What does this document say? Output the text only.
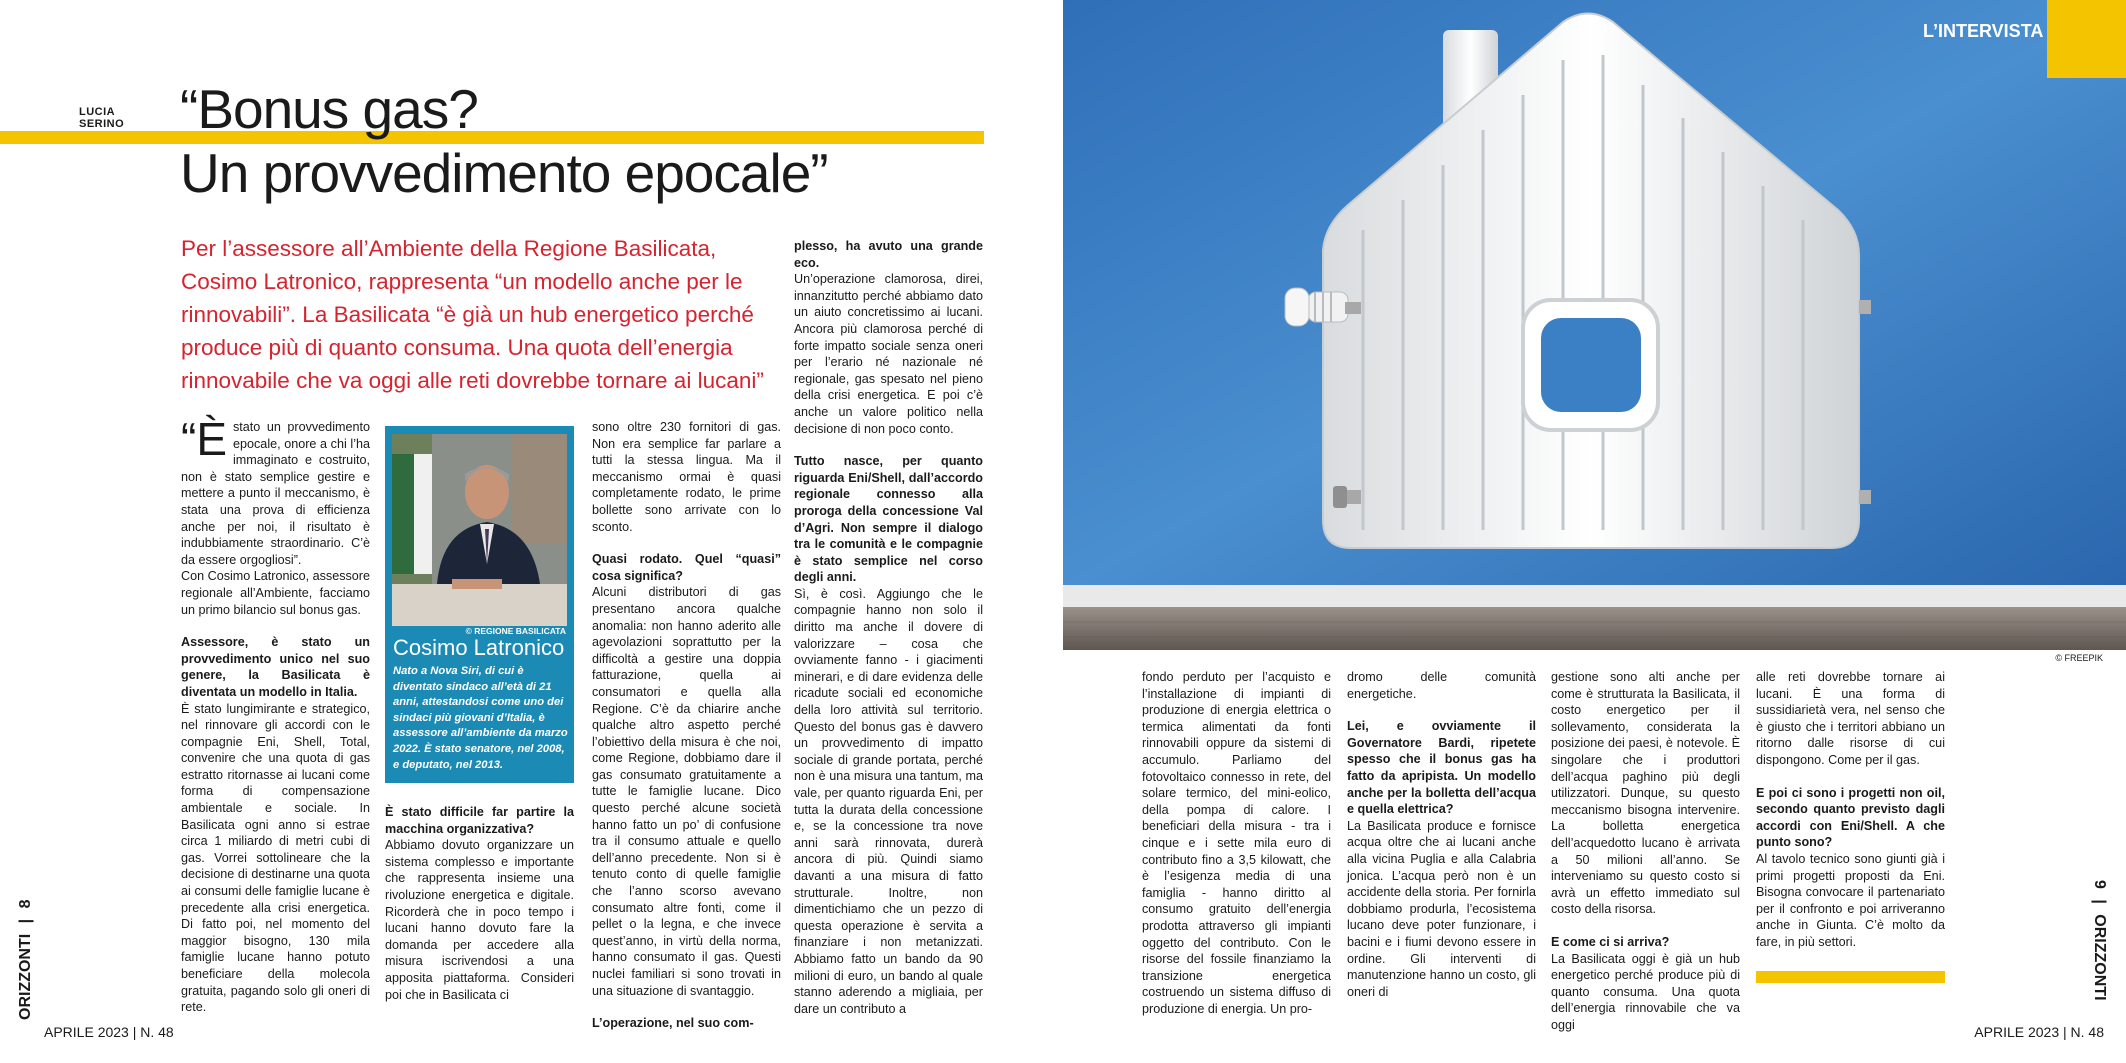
LUCIA
SERINO “Bonus gas?
Un provvedimento epocale”
Per l’assessore all’Ambiente della Regione Basilicata, Cosimo Latronico, rappresenta “un modello anche per le rinnovabili”. La Basilicata “è già un hub energetico perché produce più di quanto consuma. Una quota dell’energia rinnovabile che va oggi alle reti dovrebbe tornare ai lucani”
“È stato un provvedimento epocale, onore a chi l’ha immaginato e costruito, non è stato semplice gestire e mettere a punto il meccanismo, è stata una prova di efficienza anche per noi, il risultato è indubbiamente straordinario. C’è da essere orgogliosi”.

Con Cosimo Latronico, assessore regionale all’Ambiente, facciamo un primo bilancio sul bonus gas.

Assessore, è stato un provvedimento unico nel suo genere, la Basilicata è diventata un modello in Italia.

È stato lungimirante e strategico, nel rinnovare gli accordi con le compagnie Eni, Shell, Total, convenire che una quota di gas estratto ritornasse ai lucani come forma di compensazione ambientale e sociale. In Basilicata ogni anno si estrae circa 1 miliardo di metri cubi di gas. Vorrei sottolineare che la decisione di destinarne una quota ai consumi delle famiglie lucane è precedente alla crisi energetica. Di fatto poi, nel momento del maggior bisogno, 130 mila famiglie lucane hanno potuto beneficiare della molecola gratuita, pagando solo gli oneri di rete.

© REGIONE BASILICATA
Cosimo Latronico
Nato a Nova Siri, di cui è diventato sindaco all’età di 21 anni, attestandosi come uno dei sindaci più giovani d’Italia, è assessore all’ambiente da marzo 2022. È stato senatore, nel 2008, e deputato, nel 2013.

È stato difficile far partire la macchina organizzativa?

Abbiamo dovuto organizzare un sistema complesso e importante che rappresenta insieme una rivoluzione energetica e digitale. Ricorderà che in poco tempo i lucani hanno dovuto fare la domanda per accedere alla misura iscrivendosi a una apposita piattaforma. Consideri poi che in Basilicata ci

sono oltre 230 fornitori di gas. Non era semplice far parlare a tutti la stessa lingua. Ma il meccanismo ormai è quasi completamente rodato, le prime bollette sono arrivate con lo sconto.

Quasi rodato. Quel “quasi” cosa significa?

Alcuni distributori di gas presentano ancora qualche anomalia: non hanno aderito alle agevolazioni soprattutto per la difficoltà a gestire una doppia fatturazione, quella ai consumatori e quella alla Regione. C’è da chiarire anche qualche altro aspetto perché l’obiettivo della misura è che noi, come Regione, dobbiamo dare il gas consumato gratuitamente a tutte le famiglie lucane. Dico questo perché alcune società hanno fatto un po’ di confusione tra il consumo attuale e quello dell’anno precedente. Non si è tenuto conto di quelle famiglie che l’anno scorso avevano consumato altre fonti, come il pellet o la legna, e che invece quest’anno, in virtù della norma, hanno consumato il gas. Questi nuclei familiari si sono trovati in una situazione di svantaggio.

L’operazione, nel suo com-

plesso, ha avuto una grande eco.

Un’operazione clamorosa, direi, innanzitutto perché abbiamo dato un aiuto concretissimo ai lucani. Ancora più clamorosa perché di forte impatto sociale senza oneri per l’erario né nazionale né regionale, gas spesato nel pieno della crisi energetica. E poi c’è anche un valore politico nella decisione di non poco conto.

Tutto nasce, per quanto riguarda Eni/Shell, dall’accordo regionale connesso alla proroga della concessione Val d’Agri. Non sempre il dialogo tra le comunità e le compagnie è stato semplice nel corso degli anni.

Sì, è così. Aggiungo che le compagnie hanno non solo il diritto ma anche il dovere di valorizzare – cosa che ovviamente fanno - i giacimenti minerari, e di dare evidenza delle ricadute sociali ed economiche della loro attività sul territorio. Questo del bonus gas è davvero un provvedimento di impatto sociale di grande portata, perché non è una misura una tantum, ma vale, per quanto riguarda Eni, per tutta la durata della concessione e, se la concessione tra nove anni sarà rinnovata, durerà ancora di più. Quindi siamo davanti a una misura di fatto strutturale. Inoltre, non dimentichiamo che un pezzo di questa operazione è servita a finanziare i non metanizzati. Abbiamo fatto un bando da 90 milioni di euro, un bando al quale stanno aderendo a migliaia, per dare un contributo a

ORIZZONTI | 8
APRILE 2023 | N. 48
L’INTERVISTA
© FREEPIK

fondo perduto per l’acquisto e l’installazione di impianti di produzione di energia elettrica o termica alimentati da fonti rinnovabili oppure da sistemi di accumulo. Parliamo del fotovoltaico connesso in rete, del solare termico, del mini-eolico, della pompa di calore. I beneficiari della misura - tra i cinque e i sette mila euro di contributo fino a 3,5 kilowatt, che è l’esigenza media di una famiglia - hanno diritto al consumo gratuito dell’energia prodotta attraverso gli impianti oggetto del contributo. Con le risorse del fossile finanziamo la transizione energetica costruendo un sistema diffuso di produzione di energia. Un pro-

dromo delle comunità energetiche.

Lei, e ovviamente il Governatore Bardi, ripetete spesso che il bonus gas ha fatto da apripista. Un modello anche per la bolletta dell’acqua e quella elettrica?

La Basilicata produce e fornisce acqua oltre che ai lucani anche alla vicina Puglia e alla Calabria jonica. L’acqua però non è un accidente della storia. Per fornirla dobbiamo produrla, l’ecosistema lucano deve poter funzionare, i bacini e i fiumi devono essere in ordine. Gli interventi di manutenzione hanno un costo, gli oneri di

gestione sono alti anche per come è strutturata la Basilicata, il costo energetico per il sollevamento, considerata la posizione dei paesi, è notevole. È singolare che i produttori dell’acqua paghino più degli utilizzatori. Dunque, su questo meccanismo bisogna intervenire. La bolletta energetica dell’acquedotto lucano è arrivata a 50 milioni all’anno. Se interveniamo su questo costo si avrà un effetto immediato sul costo della risorsa.

E come ci si arriva?

La Basilicata oggi è già un hub energetico perché produce più di quanto consuma. Una quota dell’energia rinnovabile che va oggi

alle reti dovrebbe tornare ai lucani. È una forma di sussidiarietà vera, nel senso che è giusto che i territori abbiano un ritorno dalle risorse di cui dispongono. Come per il gas.

E poi ci sono i progetti non oil, secondo quanto previsto dagli accordi con Eni/Shell. A che punto sono?

Al tavolo tecnico sono giunti già i primi progetti proposti da Eni. Bisogna convocare il partenariato per il confronto e poi arriveranno anche in Giunta. C’è molto da fare, in più settori.

9 | ORIZZONTI
APRILE 2023 | N. 48
